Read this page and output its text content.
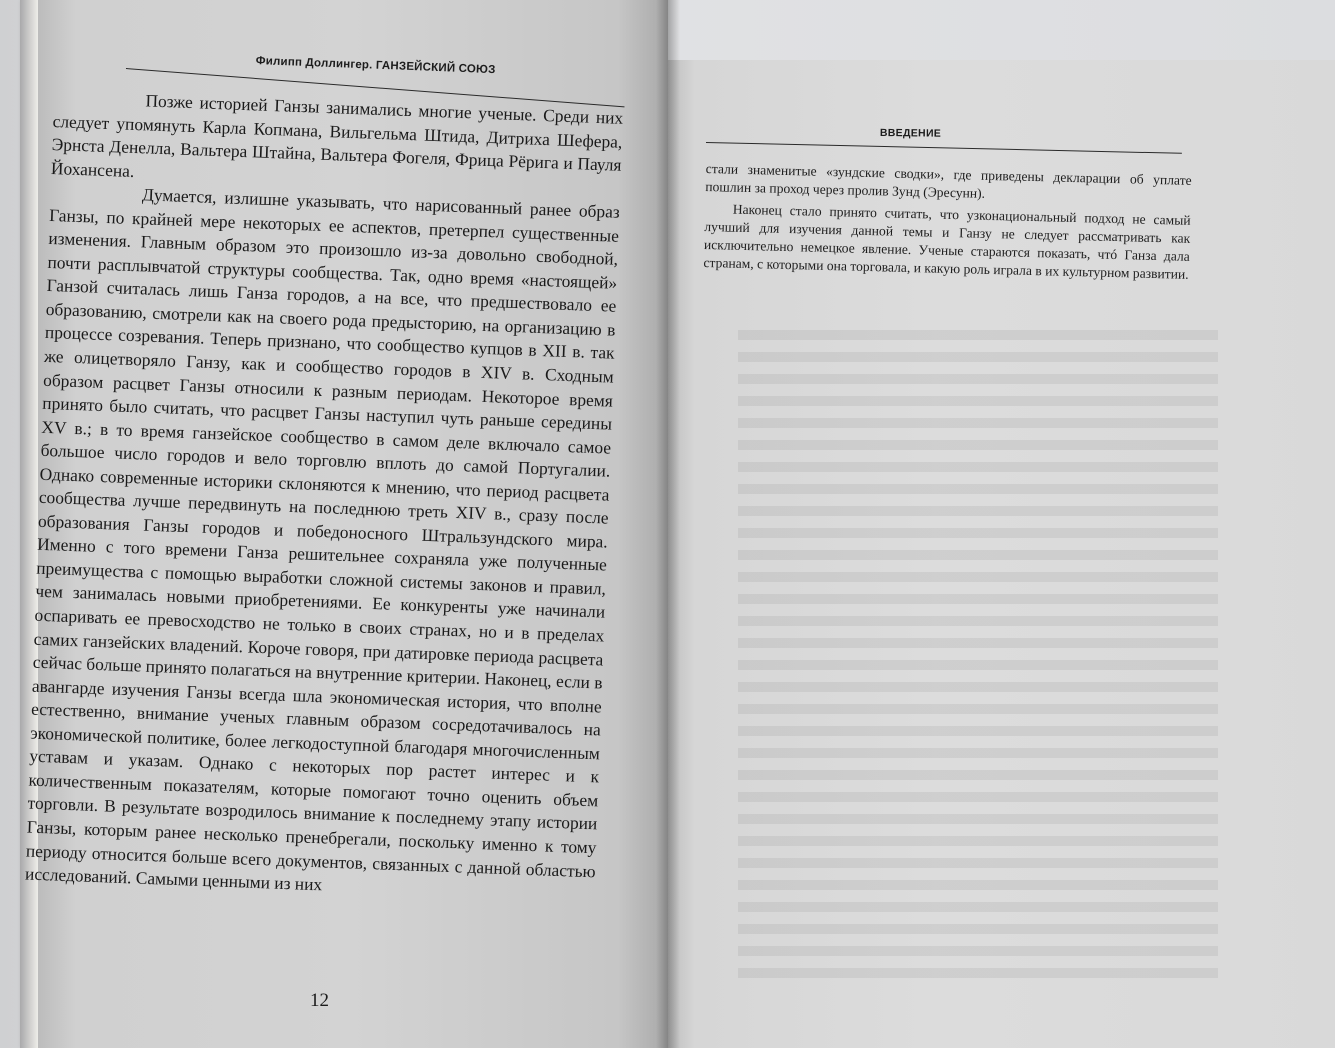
Филипп Доллингер. ГАНЗЕЙСКИЙ СОЮЗ

Позже историей Ганзы занимались многие ученые. Среди них следует упомянуть Карла Копмана, Вильгельма Штида, Дитриха Шефера, Эрнста Денелла, Вальтера Штайна, Вальтера Фогеля, Фрица Рёрига и Пауля Йохансена.

Думается, излишне указывать, что нарисованный ранее образ Ганзы, по крайней мере некоторых ее аспектов, претерпел существенные изменения. Главным образом это произошло из-за довольно свободной, почти расплывчатой структуры сообщества. Так, одно время «настоящей» Ганзой считалась лишь Ганза городов, а на все, что предшествовало ее образованию, смотрели как на своего рода предысторию, на организацию в процессе созревания. Теперь признано, что сообщество купцов в XII в. так же олицетворяло Ганзу, как и сообщество городов в XIV в. Сходным образом расцвет Ганзы относили к разным периодам. Некоторое время принято было считать, что расцвет Ганзы наступил чуть раньше середины XV в.; в то время ганзейское сообщество в самом деле включало самое большое число городов и вело торговлю вплоть до самой Португалии. Однако современные историки склоняются к мнению, что период расцвета сообщества лучше передвинуть на последнюю треть XIV в., сразу после образования Ганзы городов и победоносного Штральзундского мира. Именно с того времени Ганза решительнее сохраняла уже полученные преимущества с помощью выработки сложной системы законов и правил, чем занималась новыми приобретениями. Ее конкуренты уже начинали оспаривать ее превосходство не только в своих странах, но и в пределах самих ганзейских владений. Короче говоря, при датировке периода расцвета сейчас больше принято полагаться на внутренние критерии. Наконец, если в авангарде изучения Ганзы всегда шла экономическая история, что вполне естественно, внимание ученых главным образом сосредотачивалось на экономической политике, более легкодоступной благодаря многочисленным уставам и указам. Однако с некоторых пор растет интерес и к количественным показателям, которые помогают точно оценить объем торговли. В результате возродилось внимание к последнему этапу истории Ганзы, которым ранее несколько пренебрегали, поскольку именно к тому периоду относится больше всего документов, связанных с данной областью исследований. Самыми ценными из них

12
ВВЕДЕНИЕ

стали знаменитые «зундские сводки», где приведены декларации об уплате пошлин за проход через пролив Зунд (Эресунн).

Наконец стало принято считать, что узконациональный подход не самый лучший для изучения данной темы и Ганзу не следует рассматривать как исключительно немецкое явление. Ученые стараются показать, чтó Ганза дала странам, с которыми она торговала, и какую роль играла в их культурном развитии.
